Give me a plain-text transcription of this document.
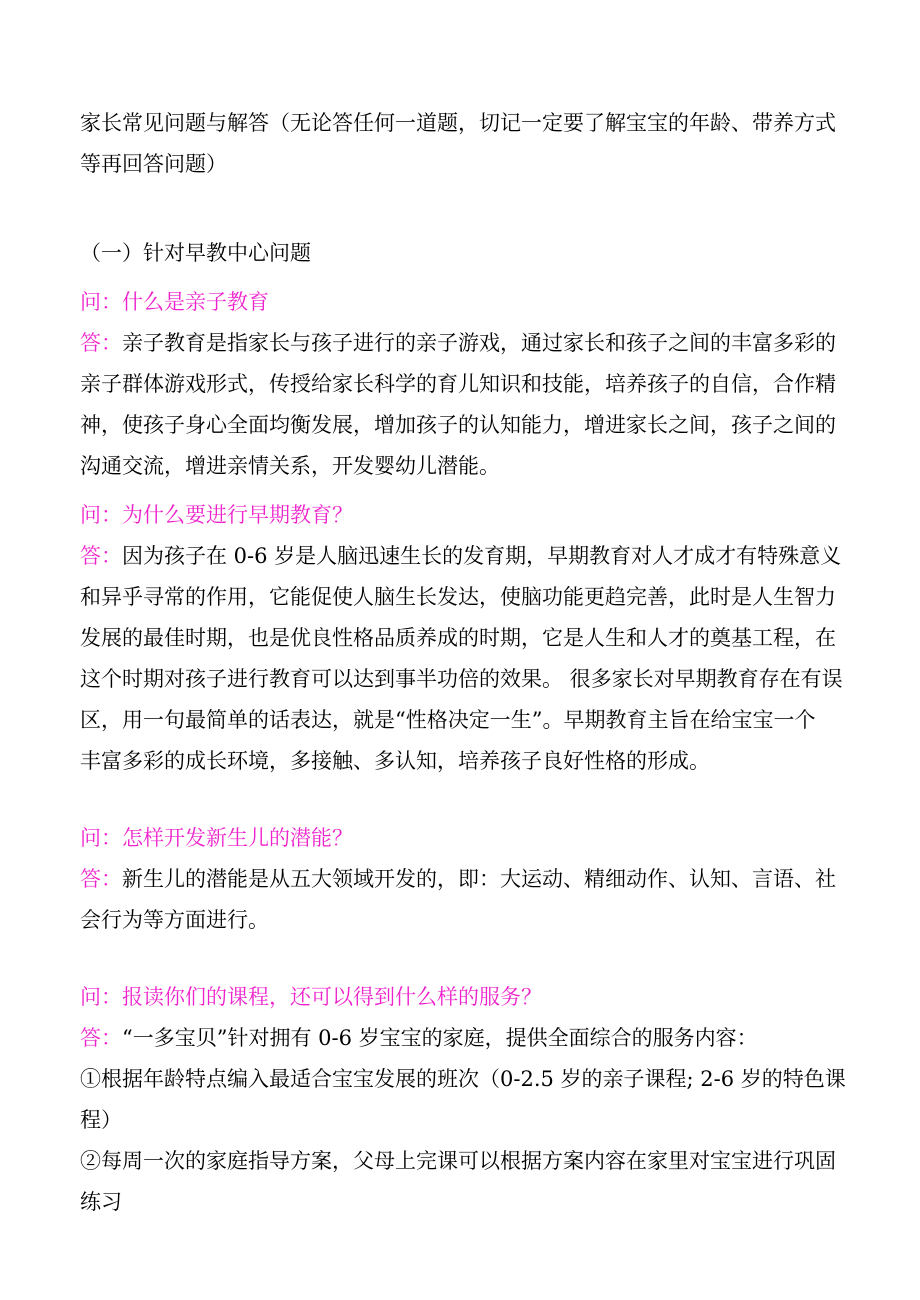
家长常见问题与解答（无论答任何一道题，切记一定要了解宝宝的年龄、带养方式
等再回答问题）
（一）针对早教中心问题
问：什么是亲子教育
答：亲子教育是指家长与孩子进行的亲子游戏，通过家长和孩子之间的丰富多彩的
亲子群体游戏形式，传授给家长科学的育儿知识和技能，培养孩子的自信，合作精
神，使孩子身心全面均衡发展，增加孩子的认知能力，增进家长之间，孩子之间的
沟通交流，增进亲情关系，开发婴幼儿潜能。
问：为什么要进行早期教育？
答：因为孩子在 0-6 岁是人脑迅速生长的发育期，早期教育对人才成才有特殊意义
和异乎寻常的作用，它能促使人脑生长发达，使脑功能更趋完善，此时是人生智力
发展的最佳时期，也是优良性格品质养成的时期，它是人生和人才的奠基工程，在
这个时期对孩子进行教育可以达到事半功倍的效果。 很多家长对早期教育存在有误
区，用一句最简单的话表达，就是“性格决定一生”。早期教育主旨在给宝宝一个
丰富多彩的成长环境，多接触、多认知，培养孩子良好性格的形成。
问：怎样开发新生儿的潜能？
答：新生儿的潜能是从五大领域开发的，即：大运动、精细动作、认知、言语、社
会行为等方面进行。
问：报读你们的课程，还可以得到什么样的服务？
答：“一多宝贝”针对拥有 0-6 岁宝宝的家庭，提供全面综合的服务内容：
①根据年龄特点编入最适合宝宝发展的班次（0-2.5 岁的亲子课程; 2-6 岁的特色课
程）
②每周一次的家庭指导方案，父母上完课可以根据方案内容在家里对宝宝进行巩固
练习
